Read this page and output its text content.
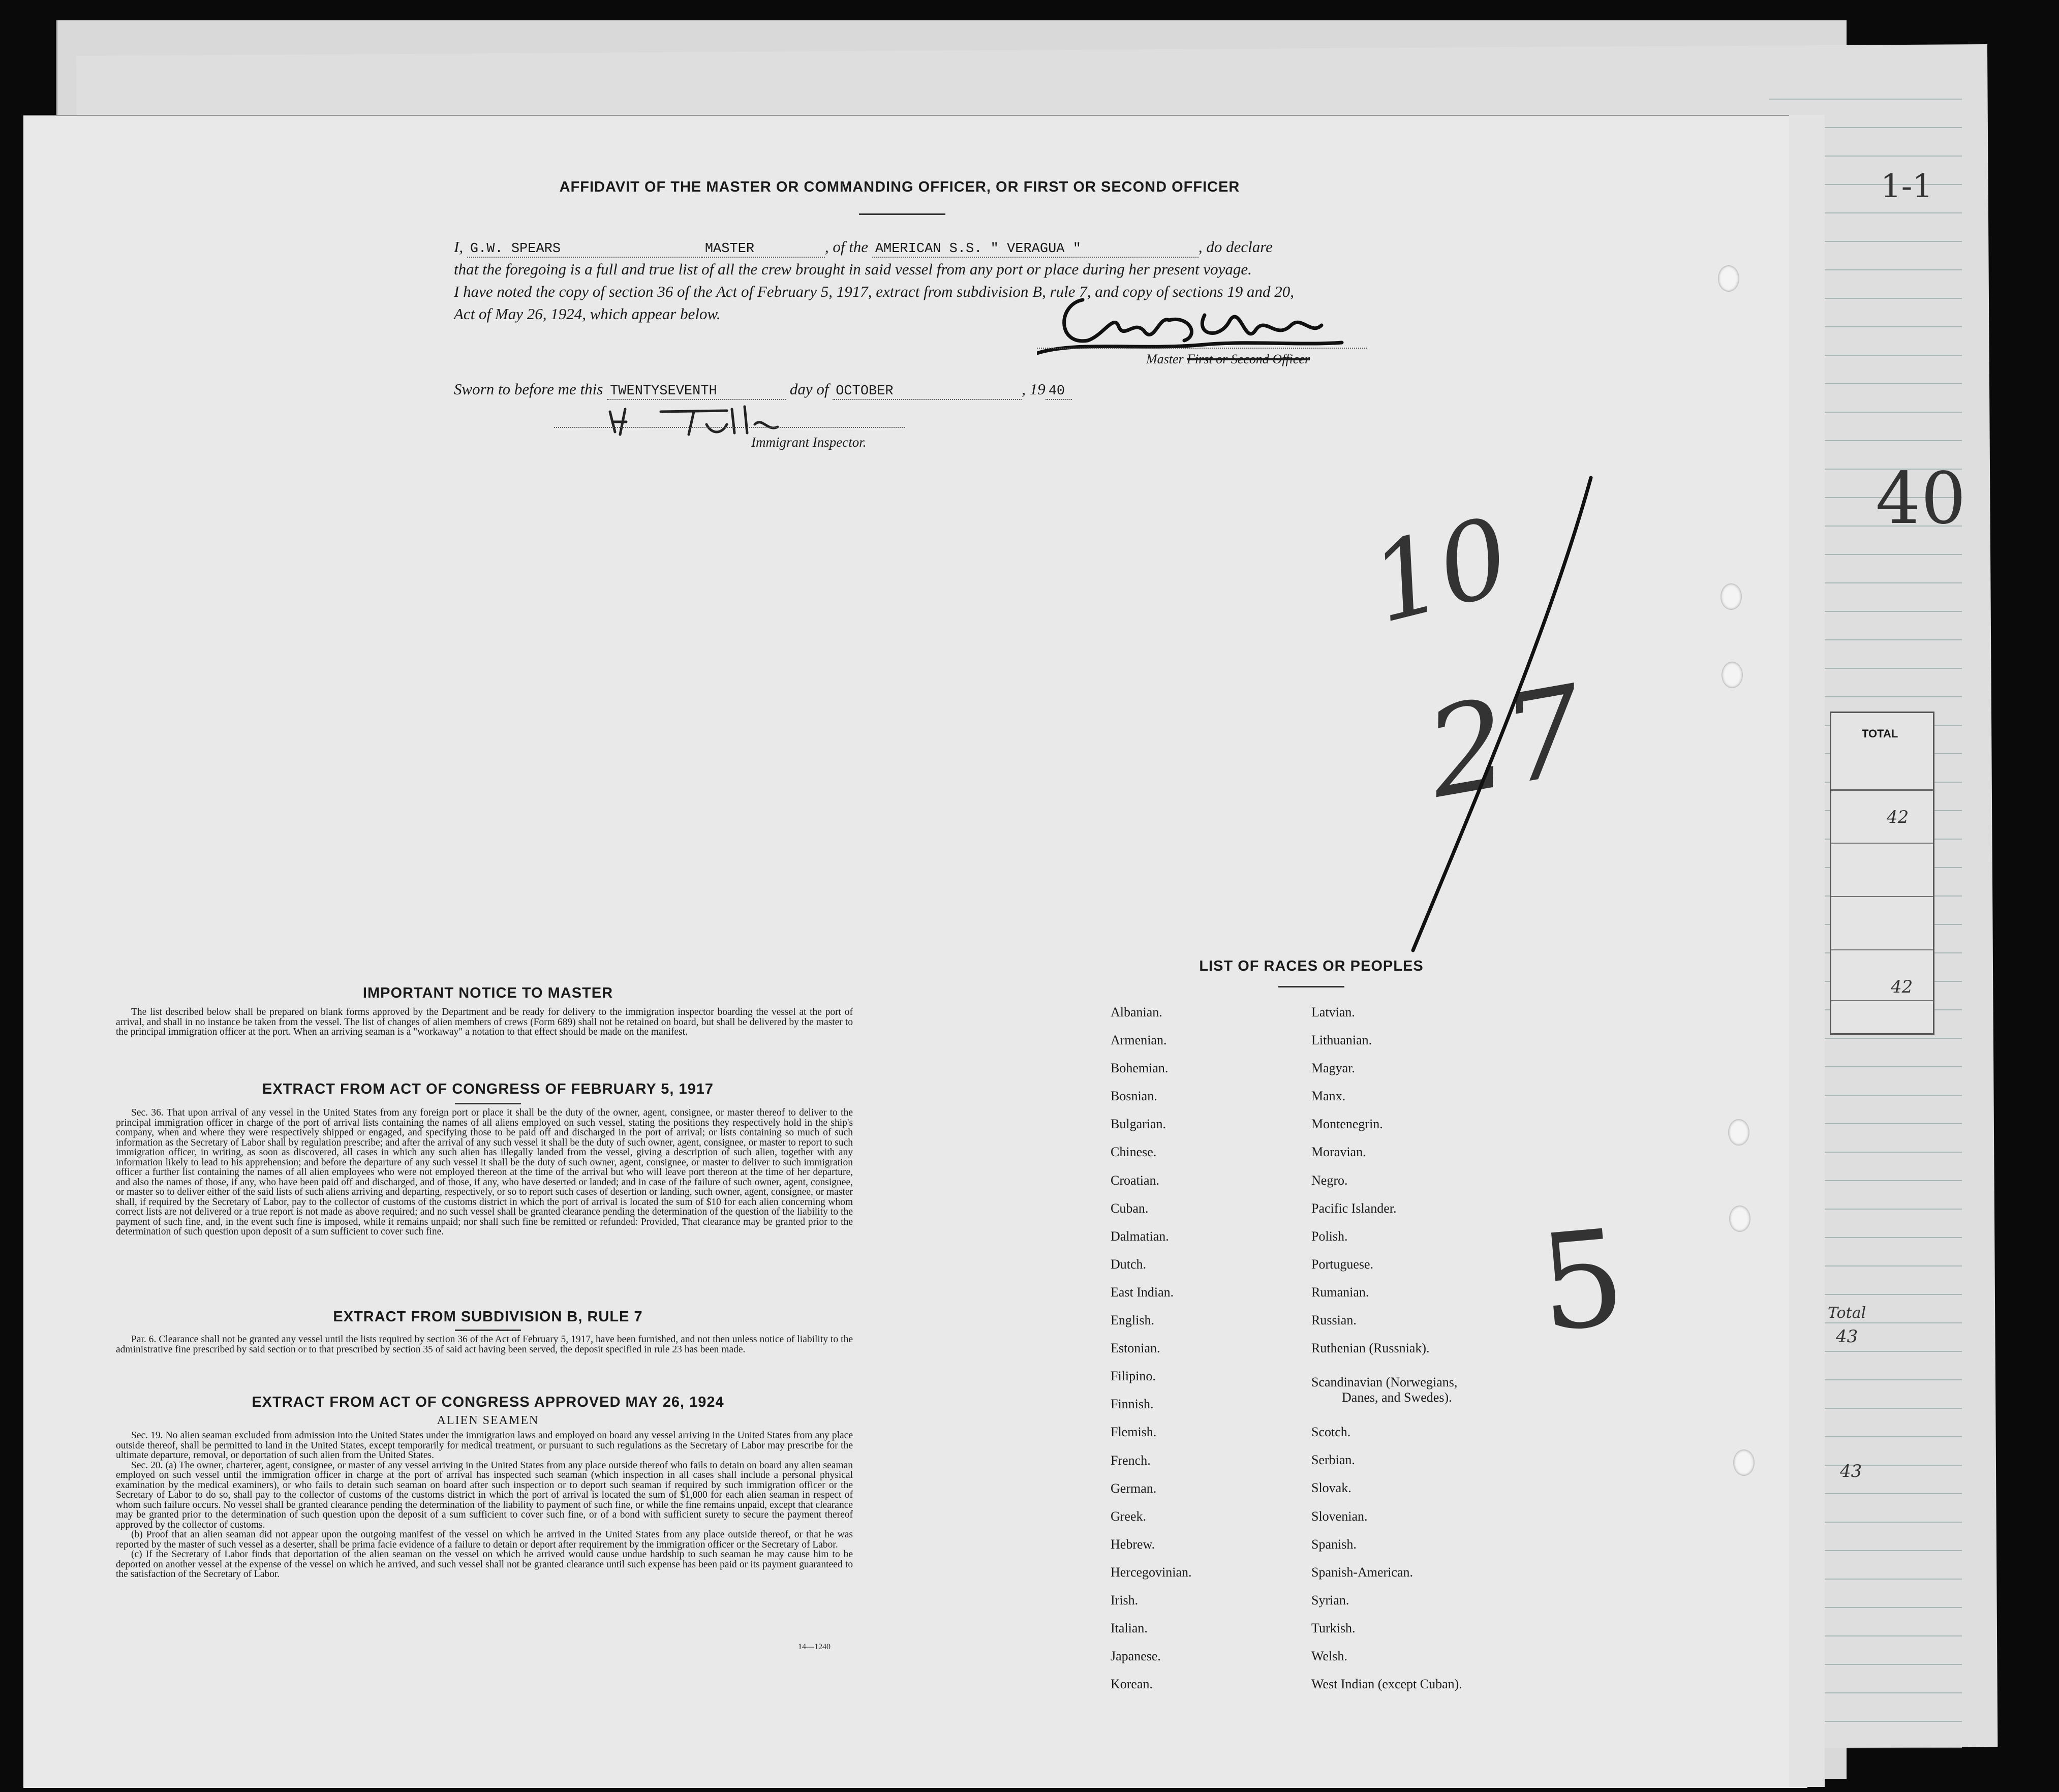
TOTAL
42
42
Total
43
43
AFFIDAVIT OF THE MASTER OR COMMANDING OFFICER, OR FIRST OR SECOND OFFICER
I, G.W. SPEARS	MASTER	, of the AMERICAN S.S. " VERAGUA "	, do declare
that the foregoing is a full and true list of all the crew brought in said vessel from any port or place during her present voyage.
I have noted the copy of section 36 of the Act of February 5, 1917, extract from subdivision B, rule 7, and copy of sections 19 and 20,
Act of May 26, 1924, which appear below.
Master First or Second Officer
Sworn to before me this TWENTYSEVENTH	day of OCTOBER	, 19 40
Immigrant Inspector.
1-1
40
10
27
5
IMPORTANT NOTICE TO MASTER

The list described below shall be prepared on blank forms approved by the Department and be ready for delivery to the immigration inspector boarding the vessel at the port of arrival, and shall in no instance be taken from the vessel. The list of changes of alien members of crews (Form 689) shall not be retained on board, but shall be delivered by the master to the principal immigration officer at the port. When an arriving seaman is a "workaway" a notation to that effect should be made on the manifest.

EXTRACT FROM ACT OF CONGRESS OF FEBRUARY 5, 1917

Sec. 36. That upon arrival of any vessel in the United States from any foreign port or place it shall be the duty of the owner, agent, consignee, or master thereof to deliver to the principal immigration officer in charge of the port of arrival lists containing the names of all aliens employed on such vessel, stating the positions they respectively hold in the ship's company, when and where they were respectively shipped or engaged, and specifying those to be paid off and discharged in the port of arrival; or lists containing so much of such information as the Secretary of Labor shall by regulation prescribe; and after the arrival of any such vessel it shall be the duty of such owner, agent, consignee, or master to report to such immigration officer, in writing, as soon as discovered, all cases in which any such alien has illegally landed from the vessel, giving a description of such alien, together with any information likely to lead to his apprehension; and before the departure of any such vessel it shall be the duty of such owner, agent, consignee, or master to deliver to such immigration officer a further list containing the names of all alien employees who were not employed thereon at the time of the arrival but who will leave port thereon at the time of her departure, and also the names of those, if any, who have been paid off and discharged, and of those, if any, who have deserted or landed; and in case of the failure of such owner, agent, consignee, or master so to deliver either of the said lists of such aliens arriving and departing, respectively, or so to report such cases of desertion or landing, such owner, agent, consignee, or master shall, if required by the Secretary of Labor, pay to the collector of customs of the customs district in which the port of arrival is located the sum of $10 for each alien concerning whom correct lists are not delivered or a true report is not made as above required; and no such vessel shall be granted clearance pending the determination of the question of the liability to the payment of such fine, and, in the event such fine is imposed, while it remains unpaid; nor shall such fine be remitted or refunded: Provided, That clearance may be granted prior to the determination of such question upon deposit of a sum sufficient to cover such fine.

EXTRACT FROM SUBDIVISION B, RULE 7

Par. 6. Clearance shall not be granted any vessel until the lists required by section 36 of the Act of February 5, 1917, have been furnished, and not then unless notice of liability to the administrative fine prescribed by said section or to that prescribed by section 35 of said act having been served, the deposit specified in rule 23 has been made.

EXTRACT FROM ACT OF CONGRESS APPROVED MAY 26, 1924
ALIEN SEAMEN

Sec. 19. No alien seaman excluded from admission into the United States under the immigration laws and employed on board any vessel arriving in the United States from any place outside thereof, shall be permitted to land in the United States, except temporarily for medical treatment, or pursuant to such regulations as the Secretary of Labor may prescribe for the ultimate departure, removal, or deportation of such alien from the United States.

Sec. 20. (a) The owner, charterer, agent, consignee, or master of any vessel arriving in the United States from any place outside thereof who fails to detain on board any alien seaman employed on such vessel until the immigration officer in charge at the port of arrival has inspected such seaman (which inspection in all cases shall include a personal physical examination by the medical examiners), or who fails to detain such seaman on board after such inspection or to deport such seaman if required by such immigration officer or the Secretary of Labor to do so, shall pay to the collector of customs of the customs district in which the port of arrival is located the sum of $1,000 for each alien seaman in respect of whom such failure occurs. No vessel shall be granted clearance pending the determination of the liability to payment of such fine, or while the fine remains unpaid, except that clearance may be granted prior to the determination of such question upon the deposit of a sum sufficient to cover such fine, or of a bond with sufficient surety to secure the payment thereof approved by the collector of customs.

(b) Proof that an alien seaman did not appear upon the outgoing manifest of the vessel on which he arrived in the United States from any place outside thereof, or that he was reported by the master of such vessel as a deserter, shall be prima facie evidence of a failure to detain or deport after requirement by the immigration officer or the Secretary of Labor.

(c) If the Secretary of Labor finds that deportation of the alien seaman on the vessel on which he arrived would cause undue hardship to such seaman he may cause him to be deported on another vessel at the expense of the vessel on which he arrived, and such vessel shall not be granted clearance until such expense has been paid or its payment guaranteed to the satisfaction of the Secretary of Labor.

14—1240
LIST OF RACES OR PEOPLES
Albanian.
Armenian.
Bohemian.
Bosnian.
Bulgarian.
Chinese.
Croatian.
Cuban.
Dalmatian.
Dutch.
East Indian.
English.
Estonian.
Filipino.
Finnish.
Flemish.
French.
German.
Greek.
Hebrew.
Hercegovinian.
Irish.
Italian.
Japanese.
Korean.
Latvian.
Lithuanian.
Magyar.
Manx.
Montenegrin.
Moravian.
Negro.
Pacific Islander.
Polish.
Portuguese.
Rumanian.
Russian.
Ruthenian (Russniak).
Scandinavian (Norwegians,
Danes, and Swedes).
Scotch.
Serbian.
Slovak.
Slovenian.
Spanish.
Spanish-American.
Syrian.
Turkish.
Welsh.
West Indian (except Cuban).
